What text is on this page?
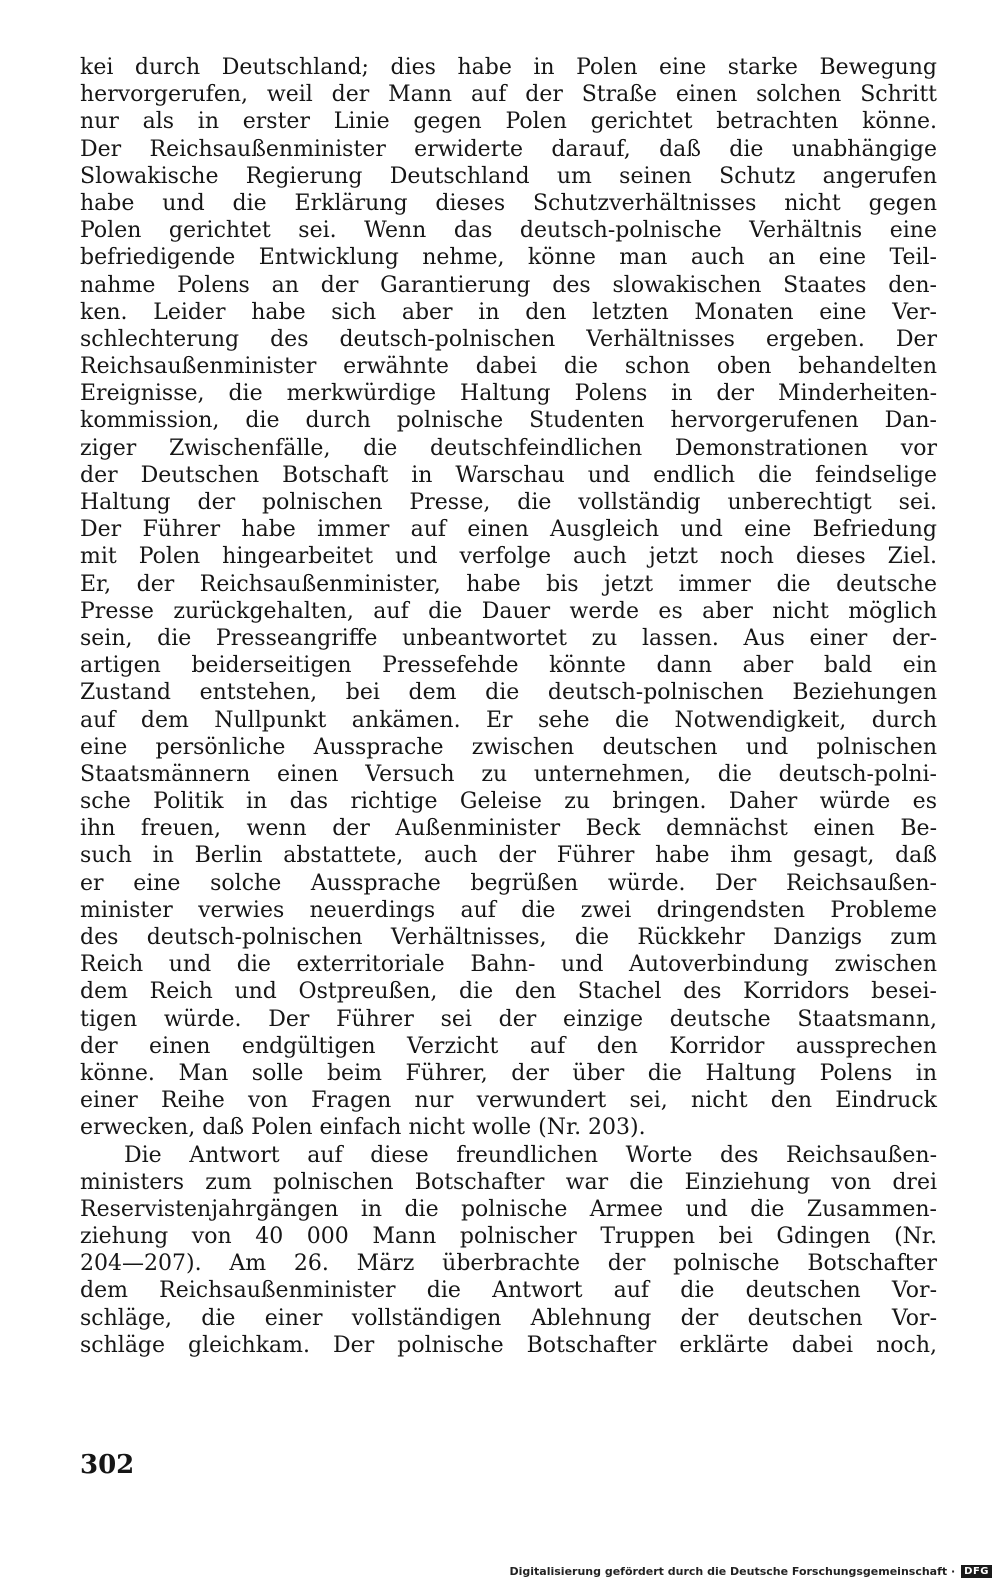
kei durch Deutschland; dies habe in Polen eine starke Bewegung
hervorgerufen, weil der Mann auf der Straße einen solchen Schritt
nur als in erster Linie gegen Polen gerichtet betrachten könne.
Der Reichsaußenminister erwiderte darauf, daß die unabhängige
Slowakische Regierung Deutschland um seinen Schutz angerufen
habe und die Erklärung dieses Schutzverhältnisses nicht gegen
Polen gerichtet sei. Wenn das deutsch-polnische Verhältnis eine
befriedigende Entwicklung nehme, könne man auch an eine Teil-
nahme Polens an der Garantierung des slowakischen Staates den-
ken. Leider habe sich aber in den letzten Monaten eine Ver-
schlechterung des deutsch-polnischen Verhältnisses ergeben. Der
Reichsaußenminister erwähnte dabei die schon oben behandelten
Ereignisse, die merkwürdige Haltung Polens in der Minderheiten-
kommission, die durch polnische Studenten hervorgerufenen Dan-
ziger Zwischenfälle, die deutschfeindlichen Demonstrationen vor
der Deutschen Botschaft in Warschau und endlich die feindselige
Haltung der polnischen Presse, die vollständig unberechtigt sei.
Der Führer habe immer auf einen Ausgleich und eine Befriedung
mit Polen hingearbeitet und verfolge auch jetzt noch dieses Ziel.
Er, der Reichsaußenminister, habe bis jetzt immer die deutsche
Presse zurückgehalten, auf die Dauer werde es aber nicht möglich
sein, die Presseangriffe unbeantwortet zu lassen. Aus einer der-
artigen beiderseitigen Pressefehde könnte dann aber bald ein
Zustand entstehen, bei dem die deutsch-polnischen Beziehungen
auf dem Nullpunkt ankämen. Er sehe die Notwendigkeit, durch
eine persönliche Aussprache zwischen deutschen und polnischen
Staatsmännern einen Versuch zu unternehmen, die deutsch-polni-
sche Politik in das richtige Geleise zu bringen. Daher würde es
ihn freuen, wenn der Außenminister Beck demnächst einen Be-
such in Berlin abstattete, auch der Führer habe ihm gesagt, daß
er eine solche Aussprache begrüßen würde. Der Reichsaußen-
minister verwies neuerdings auf die zwei dringendsten Probleme
des deutsch-polnischen Verhältnisses, die Rückkehr Danzigs zum
Reich und die exterritoriale Bahn- und Autoverbindung zwischen
dem Reich und Ostpreußen, die den Stachel des Korridors besei-
tigen würde. Der Führer sei der einzige deutsche Staatsmann,
der einen endgültigen Verzicht auf den Korridor aussprechen
könne. Man solle beim Führer, der über die Haltung Polens in
einer Reihe von Fragen nur verwundert sei, nicht den Eindruck
erwecken, daß Polen einfach nicht wolle (Nr. 203).
Die Antwort auf diese freundlichen Worte des Reichsaußen-
ministers zum polnischen Botschafter war die Einziehung von drei
Reservistenjahrgängen in die polnische Armee und die Zusammen-
ziehung von 40 000 Mann polnischer Truppen bei Gdingen (Nr.
204—207). Am 26. März überbrachte der polnische Botschafter
dem Reichsaußenminister die Antwort auf die deutschen Vor-
schläge, die einer vollständigen Ablehnung der deutschen Vor-
schläge gleichkam. Der polnische Botschafter erklärte dabei noch,
302
Digitalisierung gefördert durch die Deutsche Forschungsgemeinschaft · DFG
